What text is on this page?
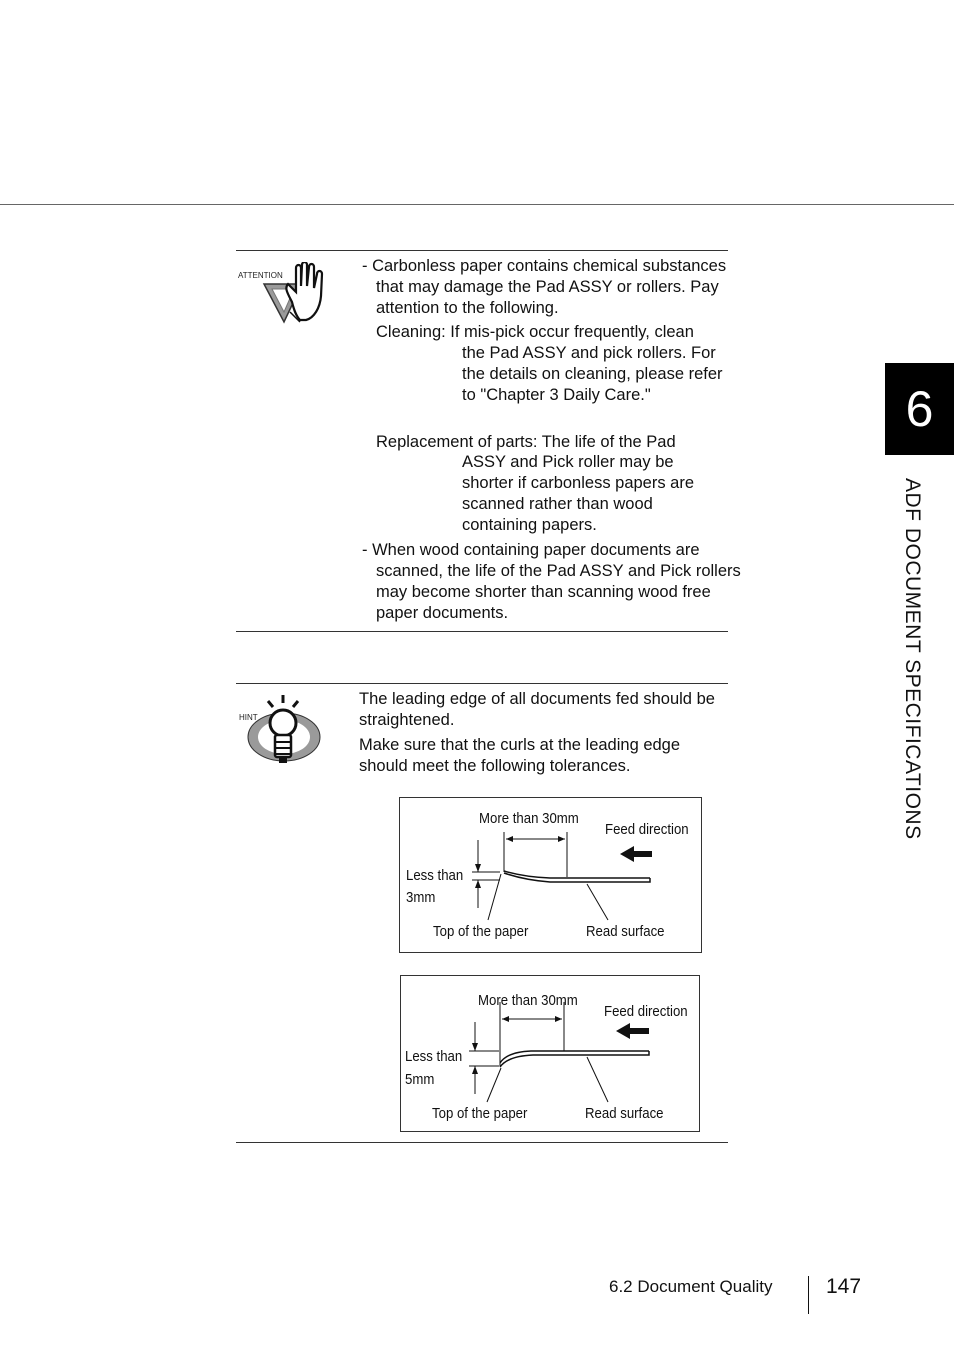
6
ADF DOCUMENT SPECIFICATIONS
ATTENTION

- Carbonless paper contains chemical substances that may damage the Pad ASSY or rollers. Pay attention to the following.

Cleaning: If mis-pick occur frequently, clean

the Pad ASSY and pick rollers. For the details on cleaning, please refer to "Chapter 3 Daily Care."

Replacement of parts: The life of the Pad

ASSY and Pick roller may be shorter if carbonless papers are scanned rather than wood containing papers.

- When wood containing paper documents are scanned, the life of the Pad ASSY and Pick rollers may become shorter than scanning wood free paper documents.

HINT

The leading edge of all documents fed should be straightened.

Make sure that the curls at the leading edge should meet the following tolerances.

More than 30mm
Feed direction
Less than
3mm
Top of the paper	Read surface
More than 30mm
Feed direction
Less than
5mm
Top of the paper	Read surface
6.2 Document Quality	147
